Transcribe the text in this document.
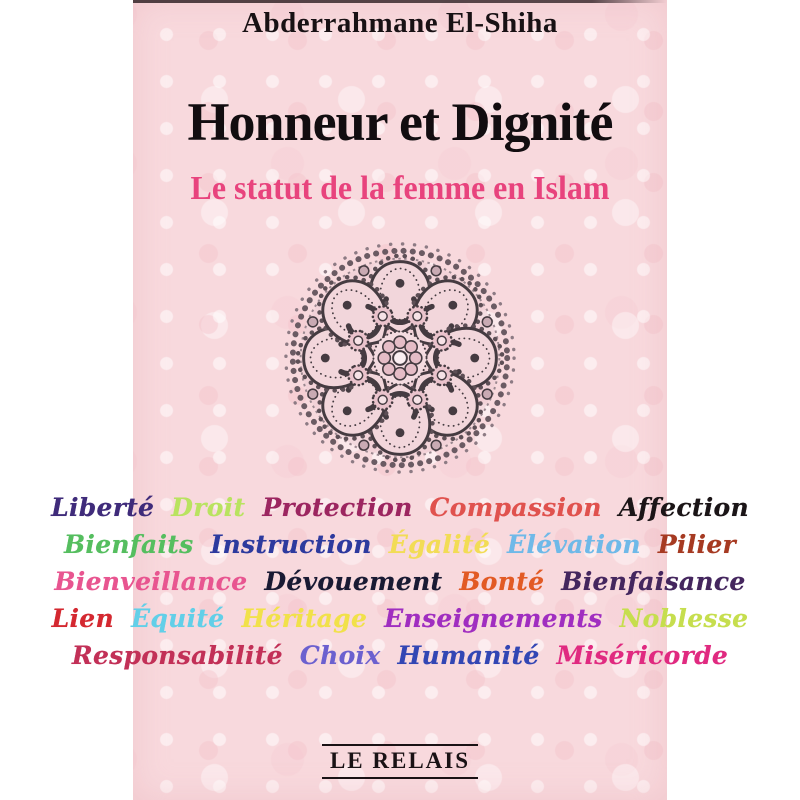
Abderrahmane El-Shiha
Honneur et Dignité
Le statut de la femme en Islam
Liberté Droit Protection Compassion Affection
Bienfaits Instruction Égalité Élévation Pilier
Bienveillance Dévouement Bonté Bienfaisance
Lien Équité Héritage Enseignements Noblesse
Responsabilité Choix Humanité Miséricorde
LE RELAIS
